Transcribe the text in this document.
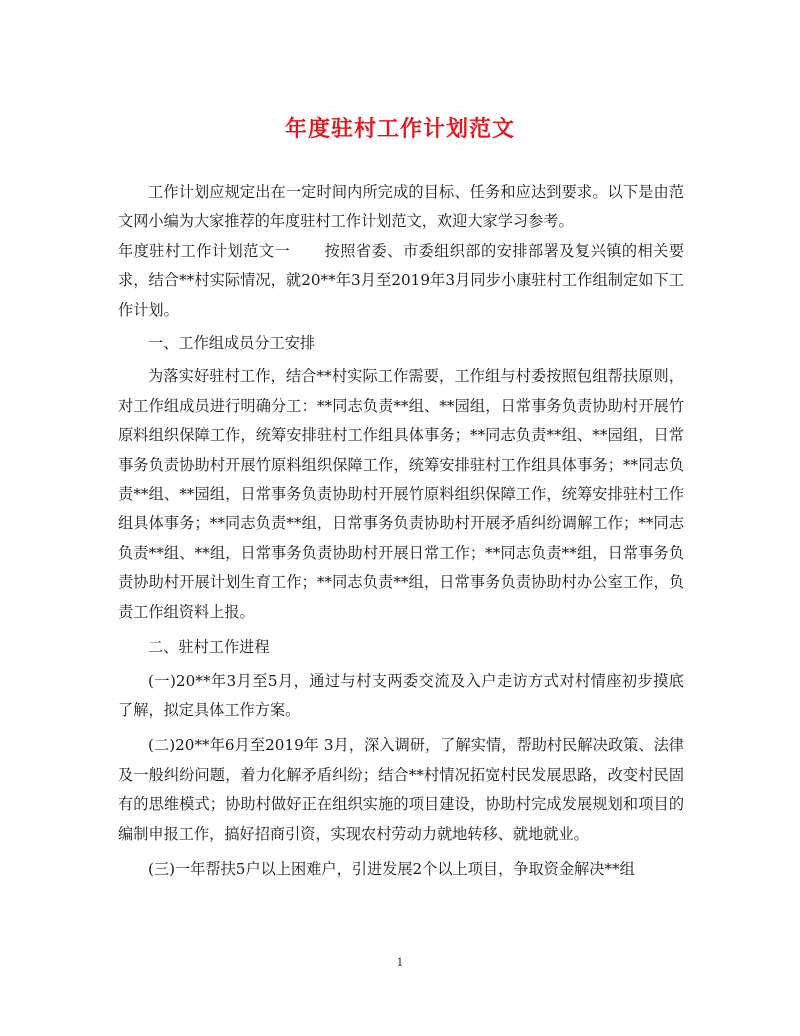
年度驻村工作计划范文

工作计划应规定出在一定时间内所完成的目标、任务和应达到要求。以下是由范文网小编为大家推荐的年度驻村工作计划范文，欢迎大家学习参考。

年度驻村工作计划范文一 按照省委、市委组织部的安排部署及复兴镇的相关要求，结合**村实际情况，就20**年3月至2019年3月同步小康驻村工作组制定如下工作计划。

一、工作组成员分工安排

为落实好驻村工作，结合**村实际工作需要，工作组与村委按照包组帮扶原则，对工作组成员进行明确分工：**同志负责**组、**园组，日常事务负责协助村开展竹原料组织保障工作，统筹安排驻村工作组具体事务；**同志负责**组、**园组，日常事务负责协助村开展竹原料组织保障工作，统筹安排驻村工作组具体事务；**同志负责**组、**园组，日常事务负责协助村开展竹原料组织保障工作，统筹安排驻村工作组具体事务；**同志负责**组，日常事务负责协助村开展矛盾纠纷调解工作；**同志负责**组、**组，日常事务负责协助村开展日常工作；**同志负责**组，日常事务负责协助村开展计划生育工作；**同志负责**组，日常事务负责协助村办公室工作，负责工作组资料上报。

二、驻村工作进程

(一)20**年3月至5月，通过与村支两委交流及入户走访方式对村情座初步摸底了解，拟定具体工作方案。

(二)20**年6月至2019年 3月，深入调研，了解实情，帮助村民解决政策、法律及一般纠纷问题，着力化解矛盾纠纷；结合**村情况拓宽村民发展思路，改变村民固有的思维模式；协助村做好正在组织实施的项目建设，协助村完成发展规划和项目的编制申报工作，搞好招商引资，实现农村劳动力就地转移、就地就业。

(三)一年帮扶5户以上困难户，引进发展2个以上项目，争取资金解决**组

1
